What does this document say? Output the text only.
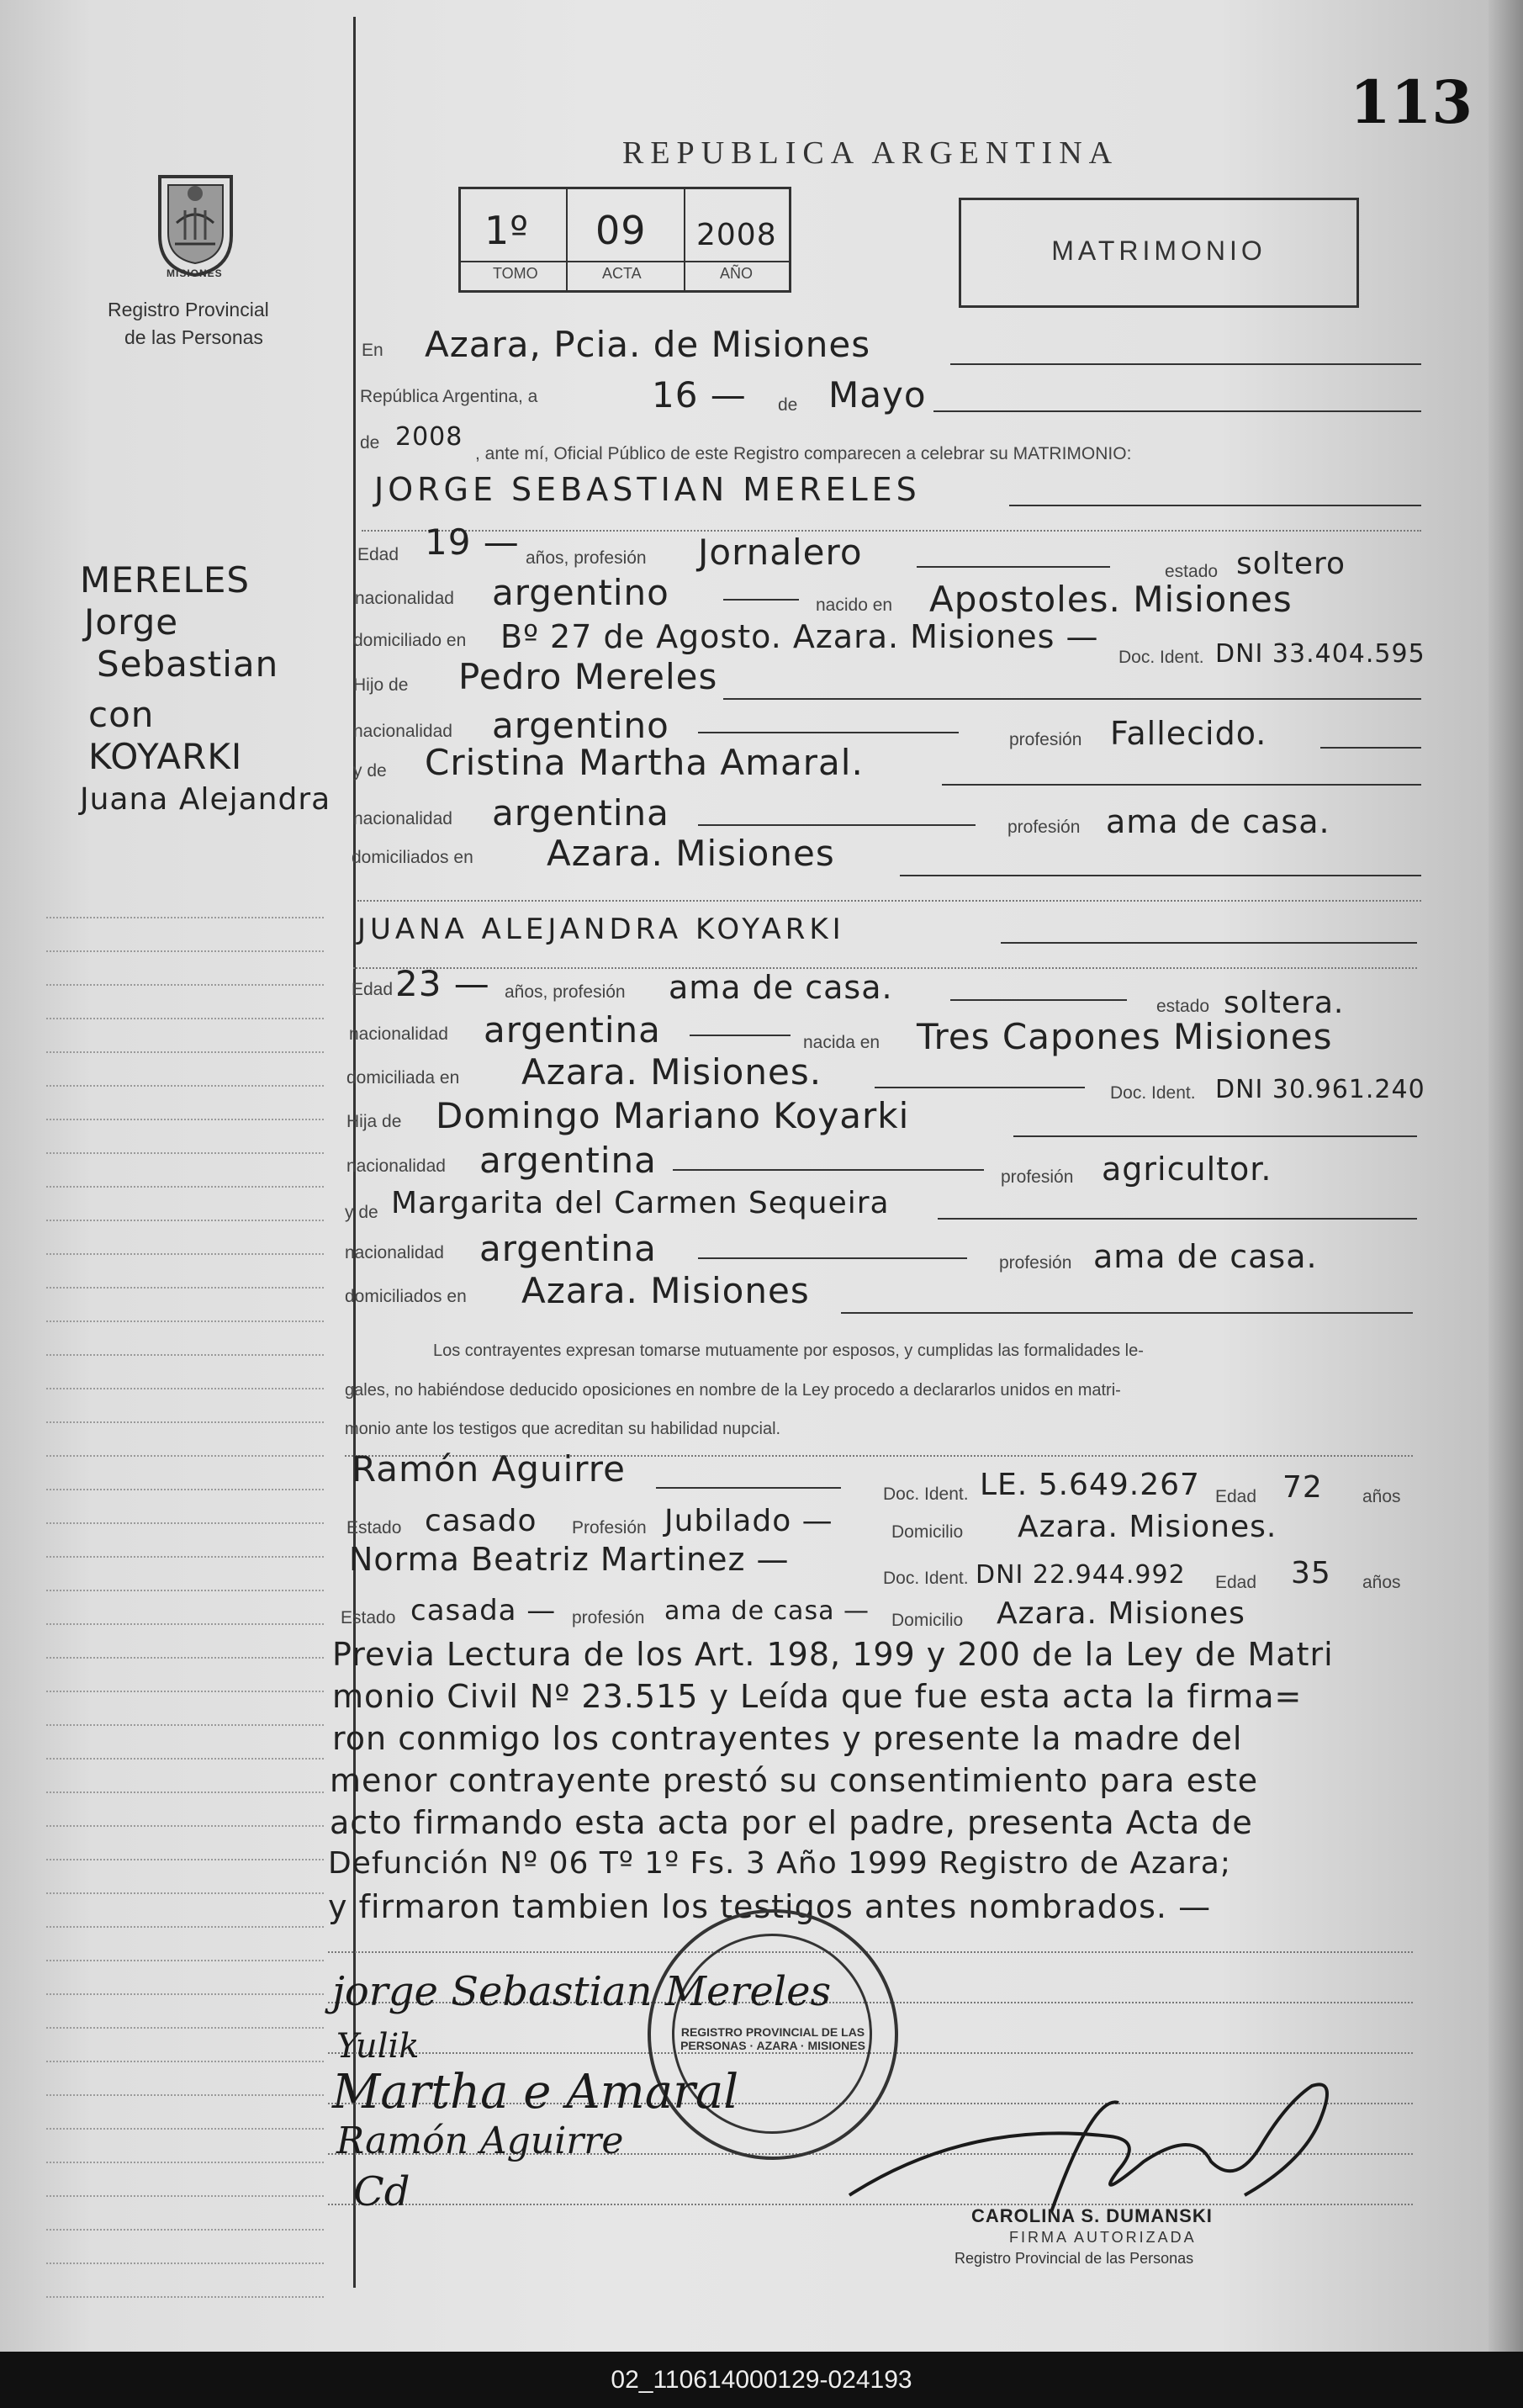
113
REPUBLICA ARGENTINA
MISIONES
Registro Provincial
de las Personas
1º 09 2008
TOMO	ACTA	AÑO
MATRIMONIO
MERELES
Jorge
Sebastian
con
KOYARKI
Juana Alejandra
En Azara, Pcia. de Misiones
República Argentina, a	16 — de Mayo
de 2008
, ante mí, Oficial Público de este Registro comparecen a celebrar su MATRIMONIO:
JORGE SEBASTIAN MERELES
Edad 19 — años, profesión Jornalero	estado soltero
nacionalidad argentino	nacido en Apostoles. Misiones
domiciliado en Bº 27 de Agosto. Azara. Misiones —
Doc. Ident. DNI 33.404.595
Hijo de Pedro Mereles
nacionalidad argentino	profesión Fallecido.
y de Cristina Martha Amaral.
nacionalidad argentina	profesión ama de casa.
domiciliados en Azara. Misiones
JUANA ALEJANDRA KOYARKI
Edad 23 — años, profesión ama de casa.
estado soltera.
nacionalidad argentina	nacida en Tres Capones Misiones
domiciliada en Azara. Misiones.
Doc. Ident. DNI 30.961.240
Hija de Domingo Mariano Koyarki
nacionalidad argentina	profesión agricultor.
y de Margarita del Carmen Sequeira
nacionalidad argentina	profesión ama de casa.
domiciliados en Azara. Misiones
Los contrayentes expresan tomarse mutuamente por esposos, y cumplidas las formalidades le-
gales, no habiéndose deducido oposiciones en nombre de la Ley procedo a declararlos unidos en matri-
monio ante los testigos que acreditan su habilidad nupcial.
Ramón Aguirre
Doc. Ident. LE. 5.649.267 Edad 72 años
Estado casado Profesión Jubilado —	Domicilio Azara. Misiones.
Norma Beatriz Martinez —
Doc. Ident. DNI 22.944.992 Edad 35 años
Estado casada — profesión ama de casa — Domicilio Azara. Misiones
Previa Lectura de los Art. 198, 199 y 200 de la Ley de Matri
monio Civil Nº 23.515 y Leída que fue esta acta la firma=
ron conmigo los contrayentes y presente la madre del
menor contrayente prestó su consentimiento para este
acto firmando esta acta por el padre, presenta Acta de
Defunción Nº 06 Tº 1º Fs. 3 Año 1999 Registro de Azara;
y firmaron tambien los testigos antes nombrados. —
REGISTRO PROVINCIAL DE LAS PERSONAS · AZARA · MISIONES
jorge Sebastian Mereles
Yulik
Martha e Amaral
Ramón Aguirre
Cd
CAROLINA S. DUMANSKI
FIRMA AUTORIZADA
Registro Provincial de las Personas
02_110614000129-024193
